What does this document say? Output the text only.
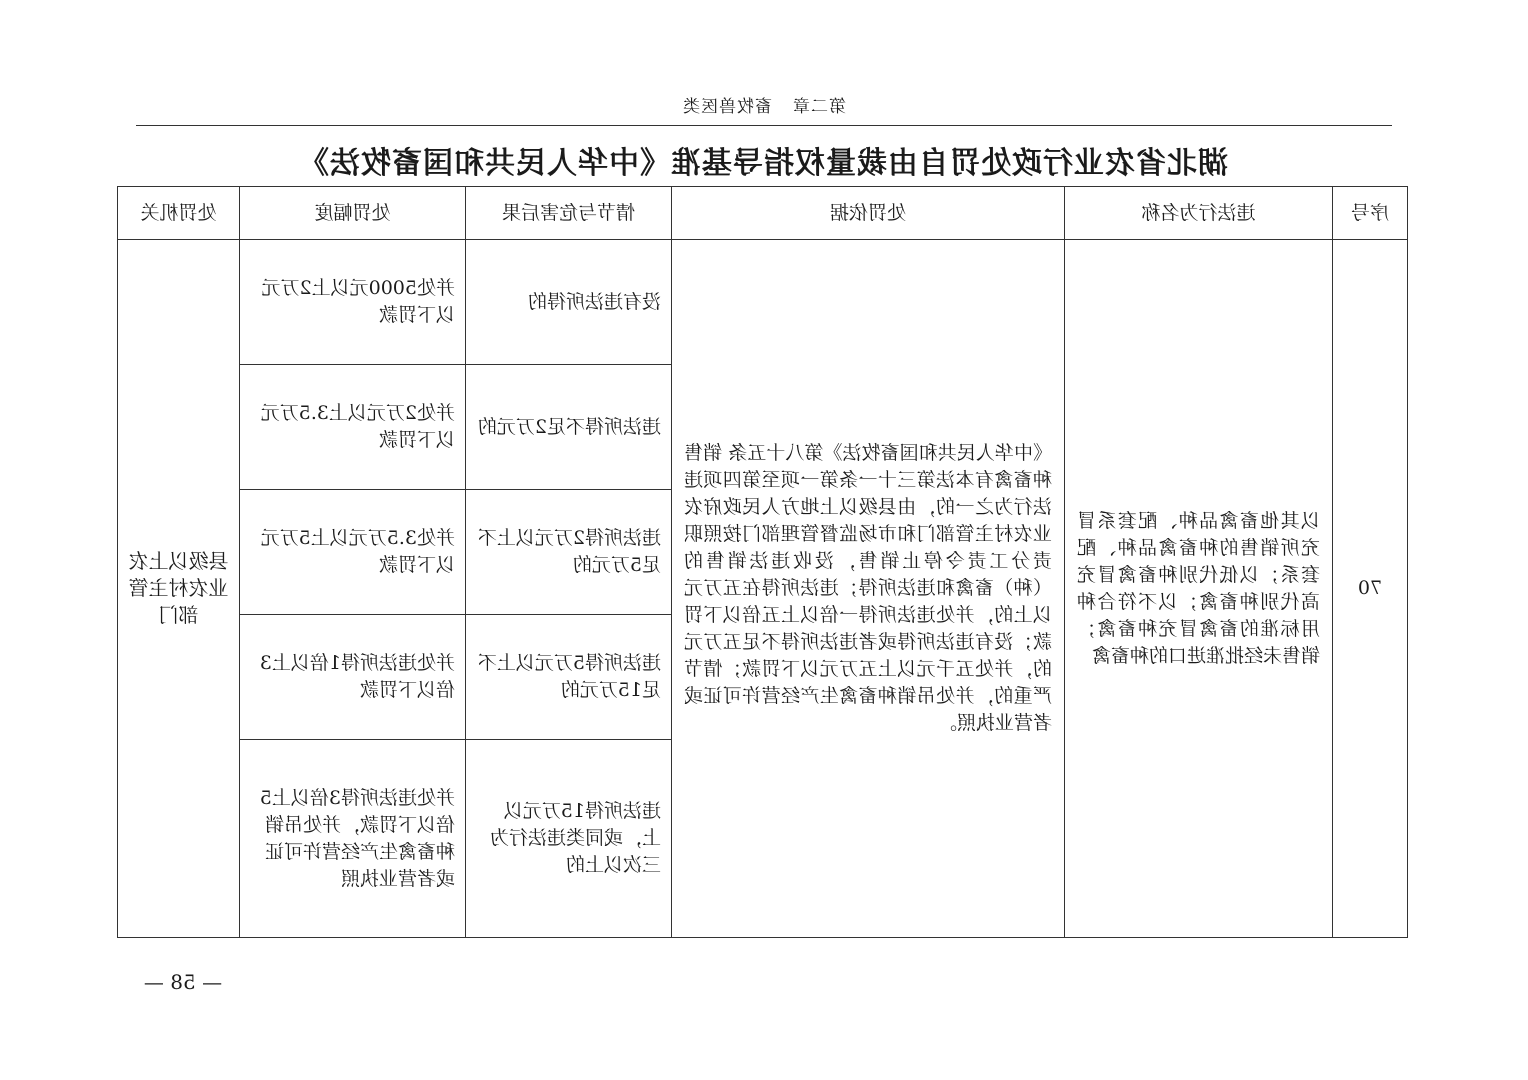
第二章畜牧兽医类
湖北省农业行政处罚自由裁量权指导基准《中华人民共和国畜牧法》
序号	违法行为名称	处罚依据	情节与危害后果	处罚幅度	处罚机关
70	以其他畜禽品种、配套系冒充所销售的种畜禽品种、配套系；以低代别种畜禽冒充高代别种畜禽；以不符合种用标准的畜禽冒充种畜禽；销售未经批准进口的种畜禽	《中华人民共和国畜牧法》第八十五条 销售种畜禽有本法第三十一条第一项至第四项违法行为之一的，由县级以上地方人民政府农业农村主管部门和市场监督管理部门按照职责分工责令停止销售，没收违法销售的（种）畜禽和违法所得；违法所得在五万元以上的，并处违法所得一倍以上五倍以下罚款；没有违法所得或者违法所得不足五万元的，并处五千元以上五万元以下罚款；情节严重的，并处吊销种畜禽生产经营许可证或者营业执照。	没有违法所得的	并处5000元以上2万元以下罚款	县级以上农业农村主管部门
			违法所得不足2万元的	并处2万元以上3.5万元以下罚款	
			违法所得2万元以上不足5万元的	并处3.5万元以上5万元以下罚款	
			违法所得5万元以上不足15万元的	并处违法所得1倍以上3倍以下罚款	
			违法所得15万元以上，或同类违法行为三次以上的	并处违法所得3倍以上5倍以下罚款，并处吊销种畜禽生产经营许可证或者营业执照	
— 58 —
